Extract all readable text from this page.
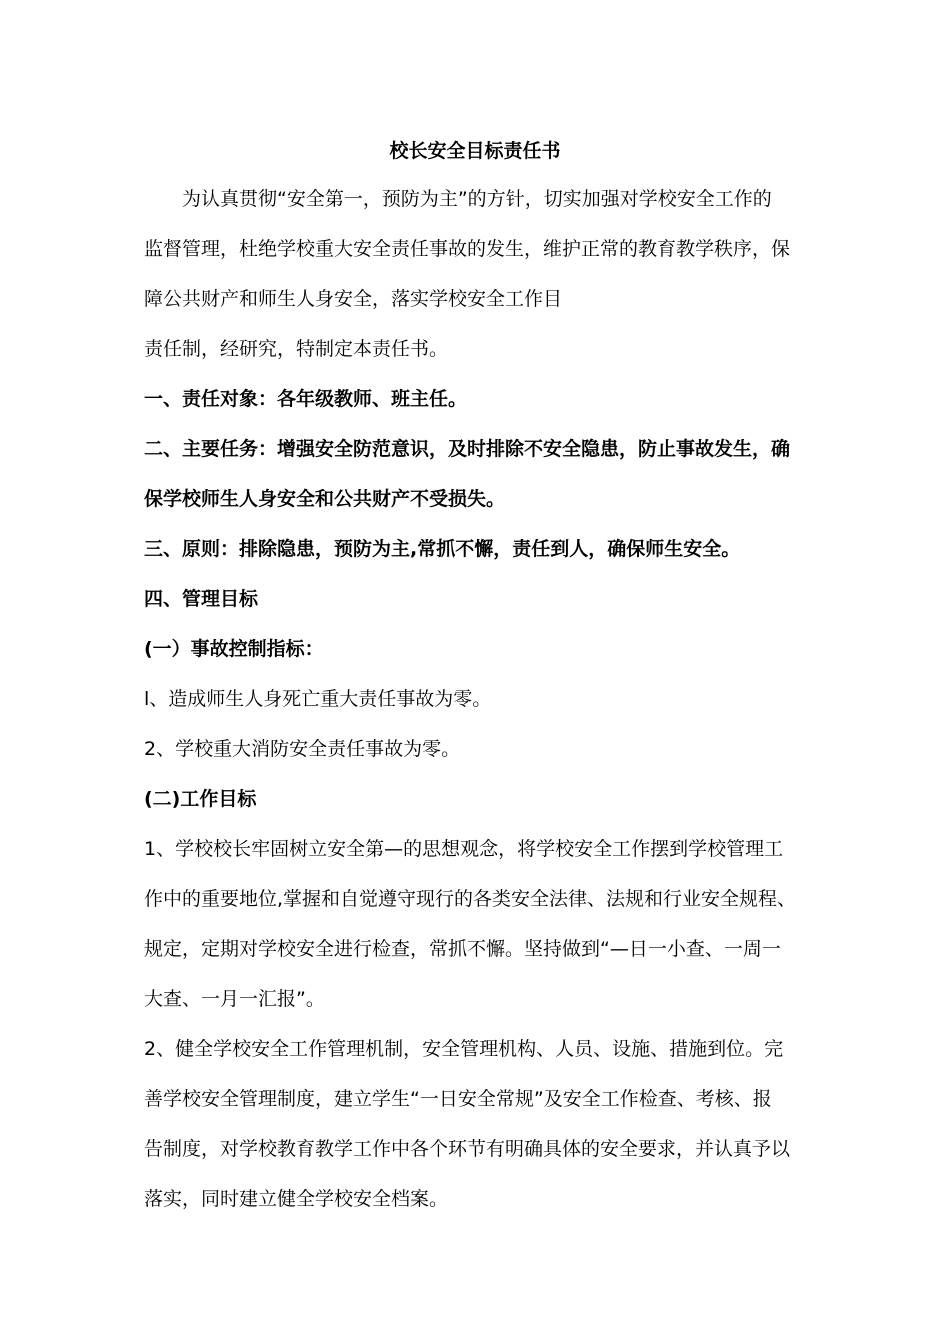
校长安全目标责任书
为认真贯彻“安全第一，预防为主”的方针，切实加强对学校安全工作的
监督管理，杜绝学校重大安全责任事故的发生，维护正常的教育教学秩序，保
障公共财产和师生人身安全，落实学校安全工作目
责任制，经研究，特制定本责任书。
一、责任对象：各年级教师、班主任。
二、主要任务：增强安全防范意识，及时排除不安全隐患，防止事故发生，确
保学校师生人身安全和公共财产不受损失。
三、原则：排除隐患，预防为主,常抓不懈，责任到人，确保师生安全。
四、管理目标
(一）事故控制指标：
l、造成师生人身死亡重大责任事故为零。
2、学校重大消防安全责任事故为零。
(二)工作目标
1、学校校长牢固树立安全第—的思想观念，将学校安全工作摆到学校管理工
作中的重要地位,掌握和自觉遵守现行的各类安全法律、法规和行业安全规程、
规定，定期对学校安全进行检查，常抓不懈。坚持做到“—日一小查、一周一
大查、一月一汇报”。
2、健全学校安全工作管理机制，安全管理机构、人员、设施、措施到位。完
善学校安全管理制度，建立学生“一日安全常规”及安全工作检查、考核、报
告制度，对学校教育教学工作中各个环节有明确具体的安全要求，并认真予以
落实，同时建立健全学校安全档案。
